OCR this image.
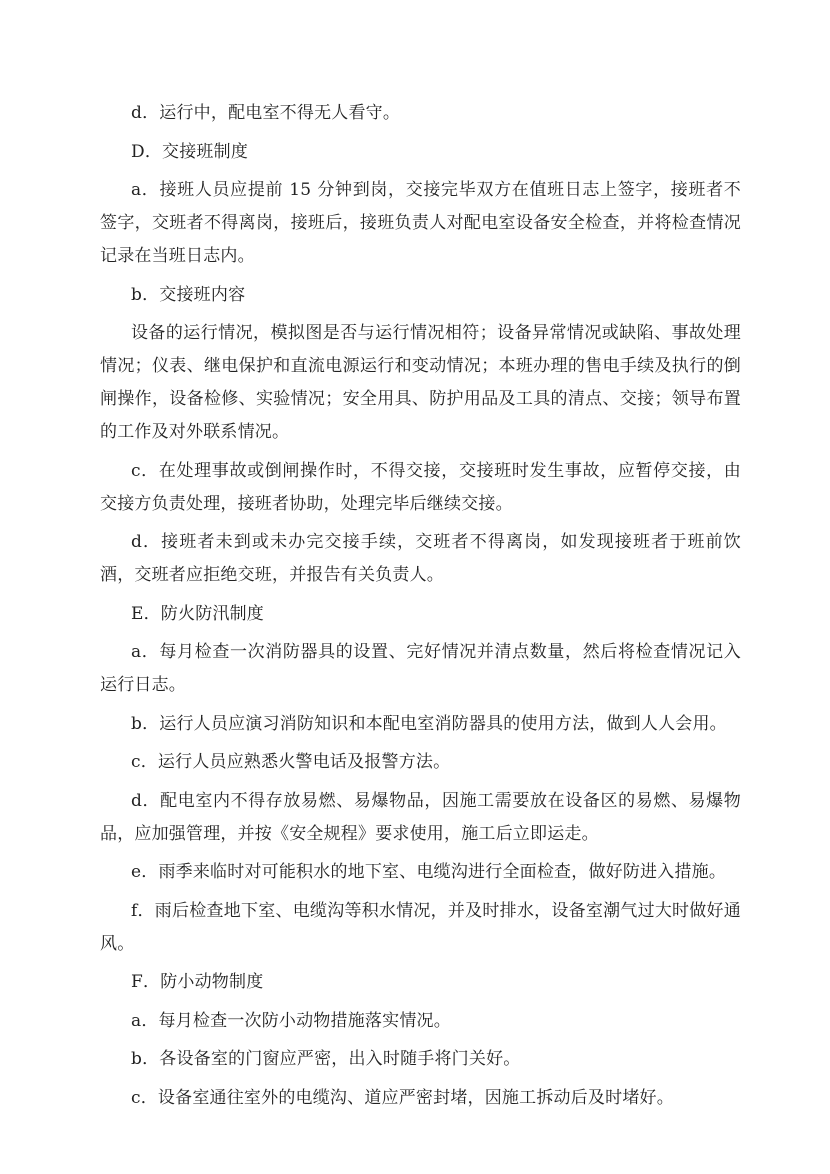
d．运行中，配电室不得无人看守。

D．交接班制度

a．接班人员应提前 15 分钟到岗，交接完毕双方在值班日志上签字，接班者不签字，交班者不得离岗，接班后，接班负责人对配电室设备安全检查，并将检查情况记录在当班日志内。

b．交接班内容

设备的运行情况，模拟图是否与运行情况相符；设备异常情况或缺陷、事故处理情况；仪表、继电保护和直流电源运行和变动情况；本班办理的售电手续及执行的倒闸操作，设备检修、实验情况；安全用具、防护用品及工具的清点、交接；领导布置的工作及对外联系情况。

c．在处理事故或倒闸操作时，不得交接，交接班时发生事故，应暂停交接，由交接方负责处理，接班者协助，处理完毕后继续交接。

d．接班者未到或未办完交接手续，交班者不得离岗，如发现接班者于班前饮酒，交班者应拒绝交班，并报告有关负责人。

E．防火防汛制度

a．每月检查一次消防器具的设置、完好情况并清点数量，然后将检查情况记入运行日志。

b．运行人员应演习消防知识和本配电室消防器具的使用方法，做到人人会用。

c．运行人员应熟悉火警电话及报警方法。

d．配电室内不得存放易燃、易爆物品，因施工需要放在设备区的易燃、易爆物品，应加强管理，并按《安全规程》要求使用，施工后立即运走。

e．雨季来临时对可能积水的地下室、电缆沟进行全面检查，做好防进入措施。

f．雨后检查地下室、电缆沟等积水情况，并及时排水，设备室潮气过大时做好通风。

F．防小动物制度

a．每月检查一次防小动物措施落实情况。

b．各设备室的门窗应严密，出入时随手将门关好。

c．设备室通往室外的电缆沟、道应严密封堵，因施工拆动后及时堵好。
